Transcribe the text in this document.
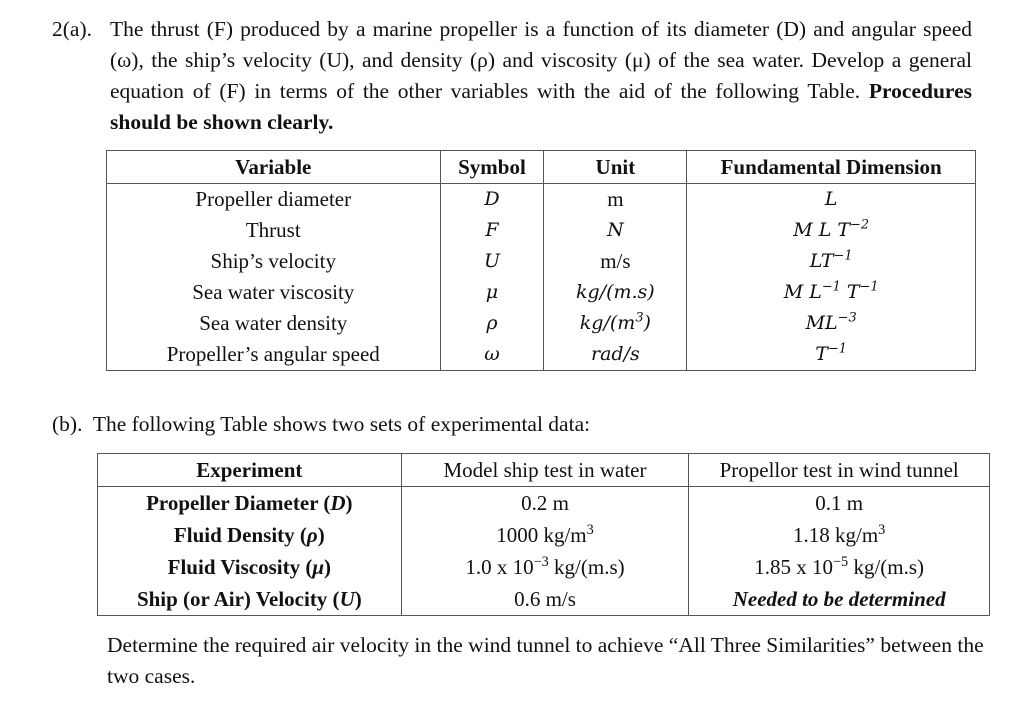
2(a). The thrust (F) produced by a marine propeller is a function of its diameter (D) and angular speed (ω), the ship’s velocity (U), and density (ρ) and viscosity (μ) of the sea water. Develop a general equation of (F) in terms of the other variables with the aid of the following Table. Procedures should be shown clearly.
Variable	Symbol	Unit	Fundamental Dimension
Propeller diameter	D	m	L
Thrust	F	N	M L $T^{-2}$
Ship’s velocity	U	m/s	$LT^{-1}$
Sea water viscosity	μ	kg/(m.s)	M $L^{-1}$ $T^{-1}$
Sea water density	ρ	$kg/(m^3)$	$ML^{-3}$
Propeller’s angular speed	ω	rad/s	$T^{-1}$
(b). The following Table shows two sets of experimental data:
Experiment	Model ship test in water	Propellor test in wind tunnel
Propeller Diameter (D)	0.2 m	0.1 m
Fluid Density (ρ)	1000 $kg/m^3$	1.18 $kg/m^3$
Fluid Viscosity (μ)	1.0 x $10^{-3}$ kg/(m.s)	1.85 x $10^{-5}$ kg/(m.s)
Ship (or Air) Velocity (U)	0.6 m/s	Needed to be determined
Determine the required air velocity in the wind tunnel to achieve “All Three Similarities” between the two cases.
